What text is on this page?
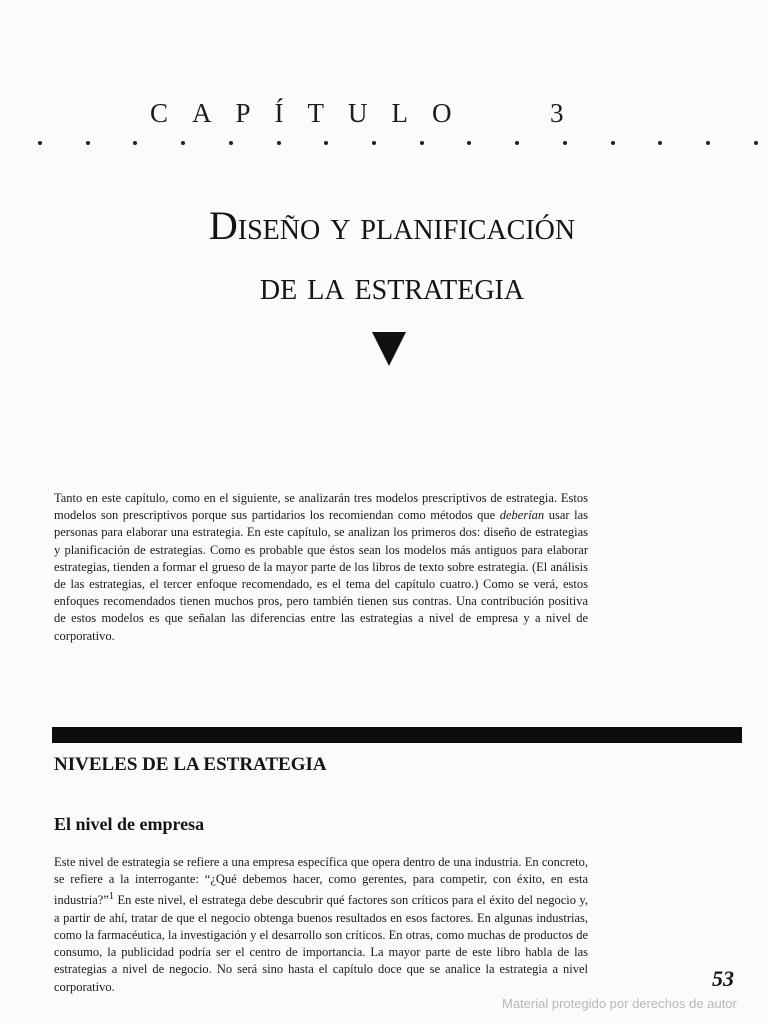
CAPÍTULO	3
Diseño y planificación
de la estrategia

Tanto en este capítulo, como en el siguiente, se analizarán tres modelos prescriptivos de estrategia. Estos modelos son prescriptivos porque sus partidarios los recomiendan como métodos que deberían usar las personas para elaborar una estrategia. En este capítulo, se analizan los primeros dos: diseño de estrategias y planificación de estrategias. Como es probable que éstos sean los modelos más antiguos para elaborar estrategias, tienden a formar el grueso de la mayor parte de los libros de texto sobre estrategia. (El análisis de las estrategias, el tercer enfoque recomendado, es el tema del capítulo cuatro.) Como se verá, estos enfoques recomendados tienen muchos pros, pero también tienen sus contras. Una contribución positiva de estos modelos es que señalan las diferencias entre las estrategias a nivel de empresa y a nivel de corporativo.

NIVELES DE LA ESTRATEGIA
El nivel de empresa

Este nivel de estrategia se refiere a una empresa específica que opera dentro de una industria. En concreto, se refiere a la interrogante: “¿Qué debemos hacer, como gerentes, para competir, con éxito, en esta industria?”$^1$ En este nivel, el estratega debe descubrir qué factores son críticos para el éxito del negocio y, a partir de ahí, tratar de que el negocio obtenga buenos resultados en esos factores. En algunas industrias, como la farmacéutica, la investigación y el desarrollo son críticos. En otras, como muchas de productos de consumo, la publicidad podría ser el centro de importancia. La mayor parte de este libro habla de las estrategias a nivel de negocio. No será sino hasta el capítulo doce que se analice la estrategia a nivel corporativo.	53
Material protegido por derechos de autor
